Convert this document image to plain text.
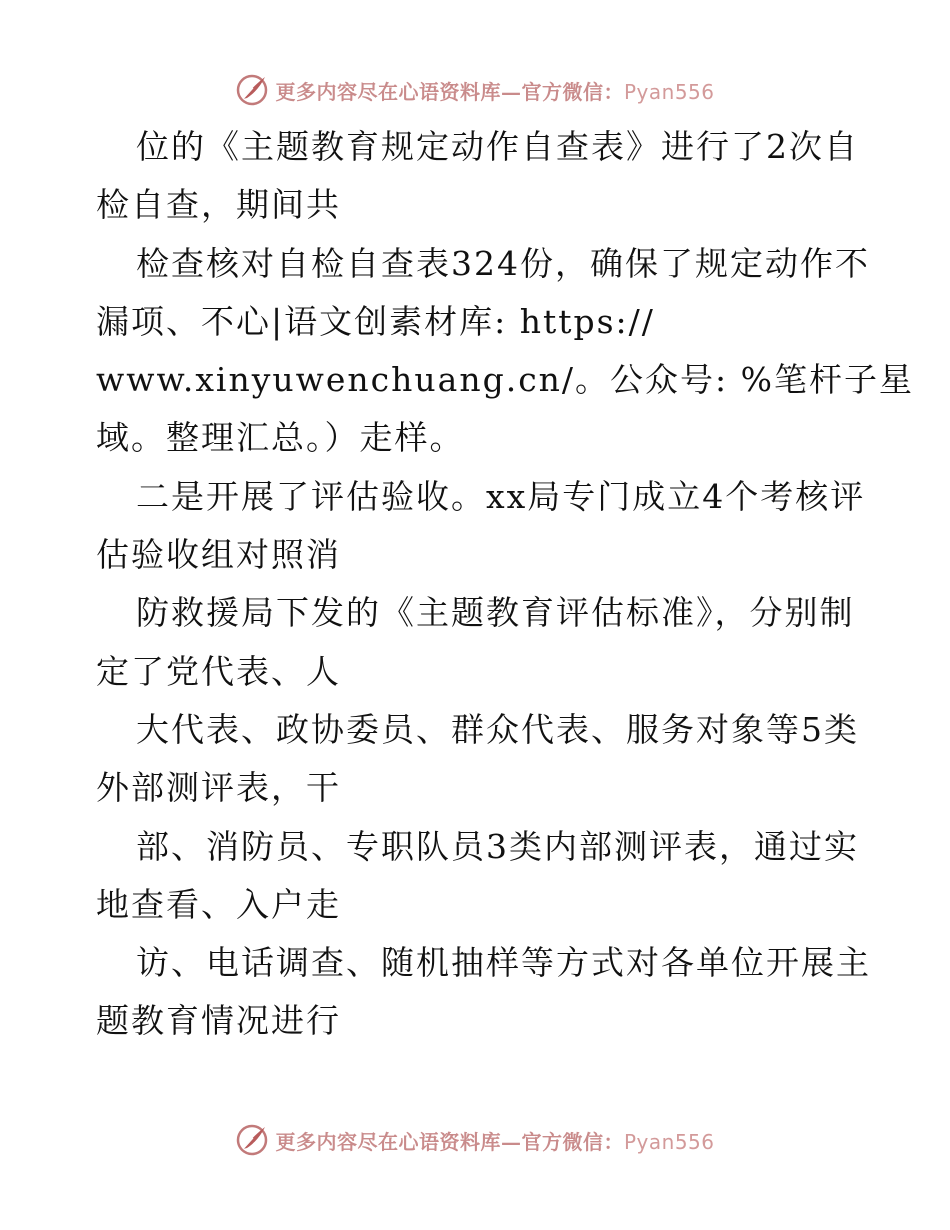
更多内容尽在心语资料库—官方微信：Pyan556
位的《主题教育规定动作自查表》进行了2次自
检自查，期间共
检查核对自检自查表324份，确保了规定动作不
漏项、不心|语文创素材库: https://
www.xinyuwenchuang.cn/。公众号: %笔杆子星
域。整理汇总。）走样。
二是开展了评估验收。xx局专门成立4个考核评
估验收组对照消
防救援局下发的《主题教育评估标准》，分别制
定了党代表、人
大代表、政协委员、群众代表、服务对象等5类
外部测评表，干
部、消防员、专职队员3类内部测评表，通过实
地查看、入户走
访、电话调查、随机抽样等方式对各单位开展主
题教育情况进行
更多内容尽在心语资料库—官方微信：Pyan556
